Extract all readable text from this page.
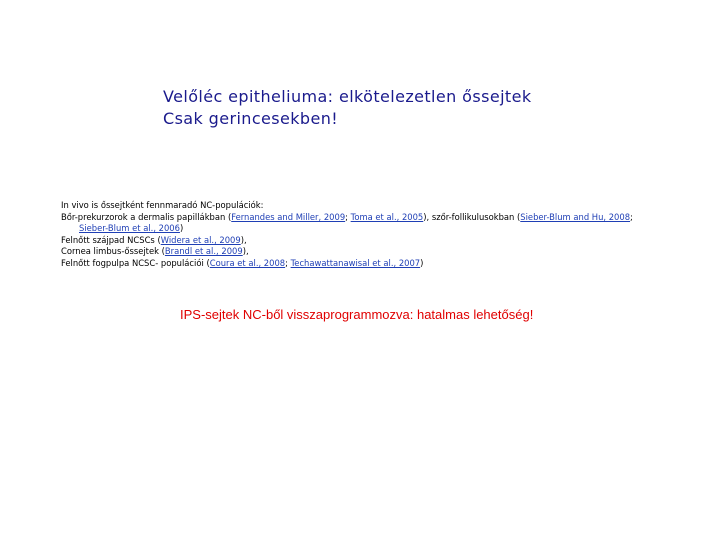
Velőléc epitheliuma: elkötelezetlen őssejtek
Csak gerincesekben!
In vivo is őssejtként fennmaradó NC-populációk:
Bőr-prekurzorok a dermalis papillákban (Fernandes and Miller, 2009; Toma et al., 2005), szőr-follikulusokban (Sieber-Blum and Hu, 2008;
Sieber-Blum et al., 2006)
Felnőtt szájpad NCSCs (Widera et al., 2009),
Cornea limbus-őssejtek (Brandl et al., 2009),
Felnőtt fogpulpa NCSC- populációi (Coura et al., 2008; Techawattanawisal et al., 2007)
IPS-sejtek NC-ből visszaprogrammozva: hatalmas lehetőség!
